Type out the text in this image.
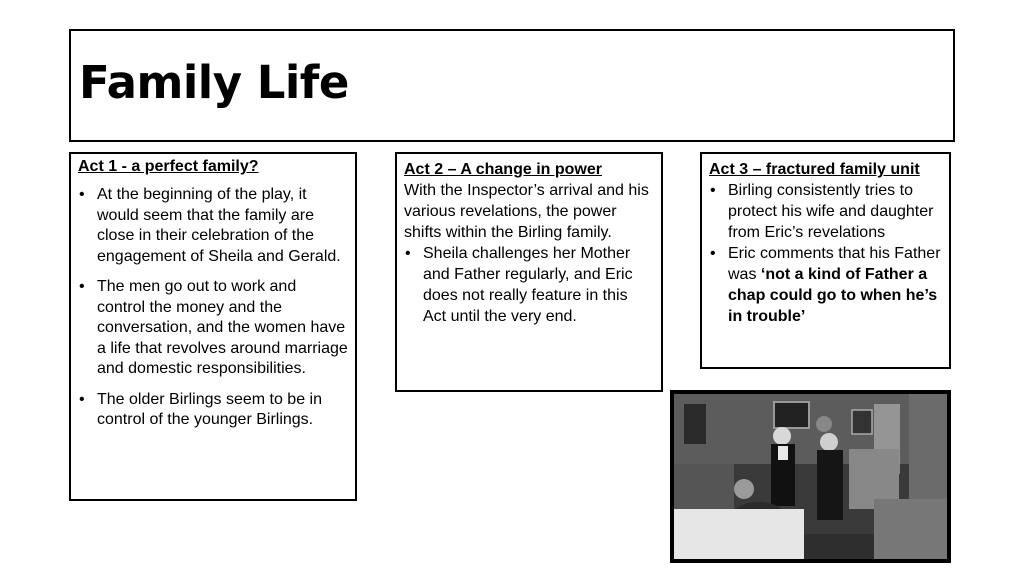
Family Life
Act 1 - a perfect family?
• At the beginning of the play, it would seem that the family are close in their celebration of the engagement of Sheila and Gerald.
• The men go out to work and control the money and the conversation, and the women have a life that revolves around marriage and domestic responsibilities.
• The older Birlings seem to be in control of the younger Birlings.
Act 2 – A change in power
With the Inspector’s arrival and his various revelations, the power shifts within the Birling family.
• Sheila challenges her Mother and Father regularly, and Eric does not really feature in this Act until the very end.
Act 3 – fractured family unit
• Birling consistently tries to protect his wife and daughter from Eric’s revelations
• Eric comments that his Father was ‘not a kind of Father a chap could go to when he’s in trouble’
